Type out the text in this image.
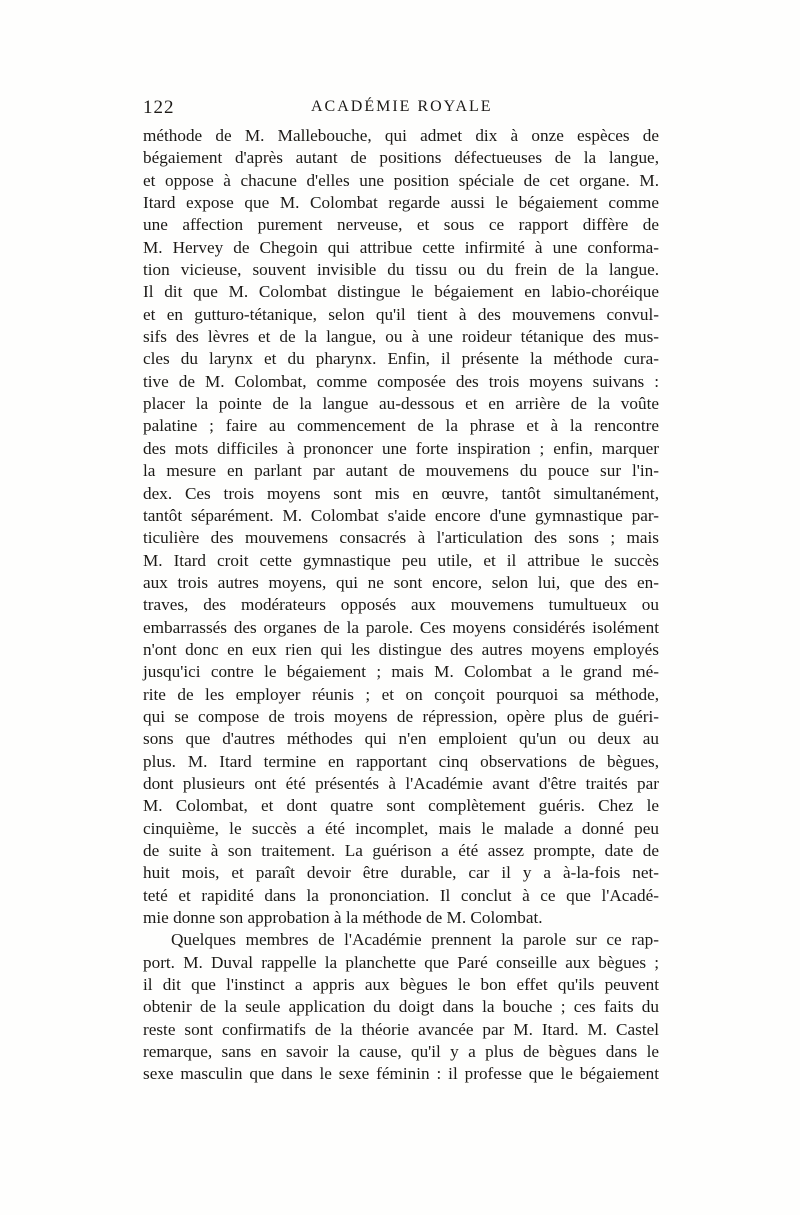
122	ACADÉMIE ROYALE
méthode de M. Mallebouche, qui admet dix à onze espèces de
bégaiement d'après autant de positions défectueuses de la langue,
et oppose à chacune d'elles une position spéciale de cet organe. M.
Itard expose que M. Colombat regarde aussi le bégaiement comme
une affection purement nerveuse, et sous ce rapport diffère de
M. Hervey de Chegoin qui attribue cette infirmité à une conforma-
tion vicieuse, souvent invisible du tissu ou du frein de la langue.
Il dit que M. Colombat distingue le bégaiement en labio-choréique
et en gutturo-tétanique, selon qu'il tient à des mouvemens convul-
sifs des lèvres et de la langue, ou à une roideur tétanique des mus-
cles du larynx et du pharynx. Enfin, il présente la méthode cura-
tive de M. Colombat, comme composée des trois moyens suivans :
placer la pointe de la langue au-dessous et en arrière de la voûte
palatine ; faire au commencement de la phrase et à la rencontre
des mots difficiles à prononcer une forte inspiration ; enfin, marquer
la mesure en parlant par autant de mouvemens du pouce sur l'in-
dex. Ces trois moyens sont mis en œuvre, tantôt simultanément,
tantôt séparément. M. Colombat s'aide encore d'une gymnastique par-
ticulière des mouvemens consacrés à l'articulation des sons ; mais
M. Itard croit cette gymnastique peu utile, et il attribue le succès
aux trois autres moyens, qui ne sont encore, selon lui, que des en-
traves, des modérateurs opposés aux mouvemens tumultueux ou
embarrassés des organes de la parole. Ces moyens considérés isolément
n'ont donc en eux rien qui les distingue des autres moyens employés
jusqu'ici contre le bégaiement ; mais M. Colombat a le grand mé-
rite de les employer réunis ; et on conçoit pourquoi sa méthode,
qui se compose de trois moyens de répression, opère plus de guéri-
sons que d'autres méthodes qui n'en emploient qu'un ou deux au
plus. M. Itard termine en rapportant cinq observations de bègues,
dont plusieurs ont été présentés à l'Académie avant d'être traités par
M. Colombat, et dont quatre sont complètement guéris. Chez le
cinquième, le succès a été incomplet, mais le malade a donné peu
de suite à son traitement. La guérison a été assez prompte, date de
huit mois, et paraît devoir être durable, car il y a à-la-fois net-
teté et rapidité dans la prononciation. Il conclut à ce que l'Acadé-
mie donne son approbation à la méthode de M. Colombat.
Quelques membres de l'Académie prennent la parole sur ce rap-
port. M. Duval rappelle la planchette que Paré conseille aux bègues ;
il dit que l'instinct a appris aux bègues le bon effet qu'ils peuvent
obtenir de la seule application du doigt dans la bouche ; ces faits du
reste sont confirmatifs de la théorie avancée par M. Itard. M. Castel
remarque, sans en savoir la cause, qu'il y a plus de bègues dans le
sexe masculin que dans le sexe féminin : il professe que le bégaiement
